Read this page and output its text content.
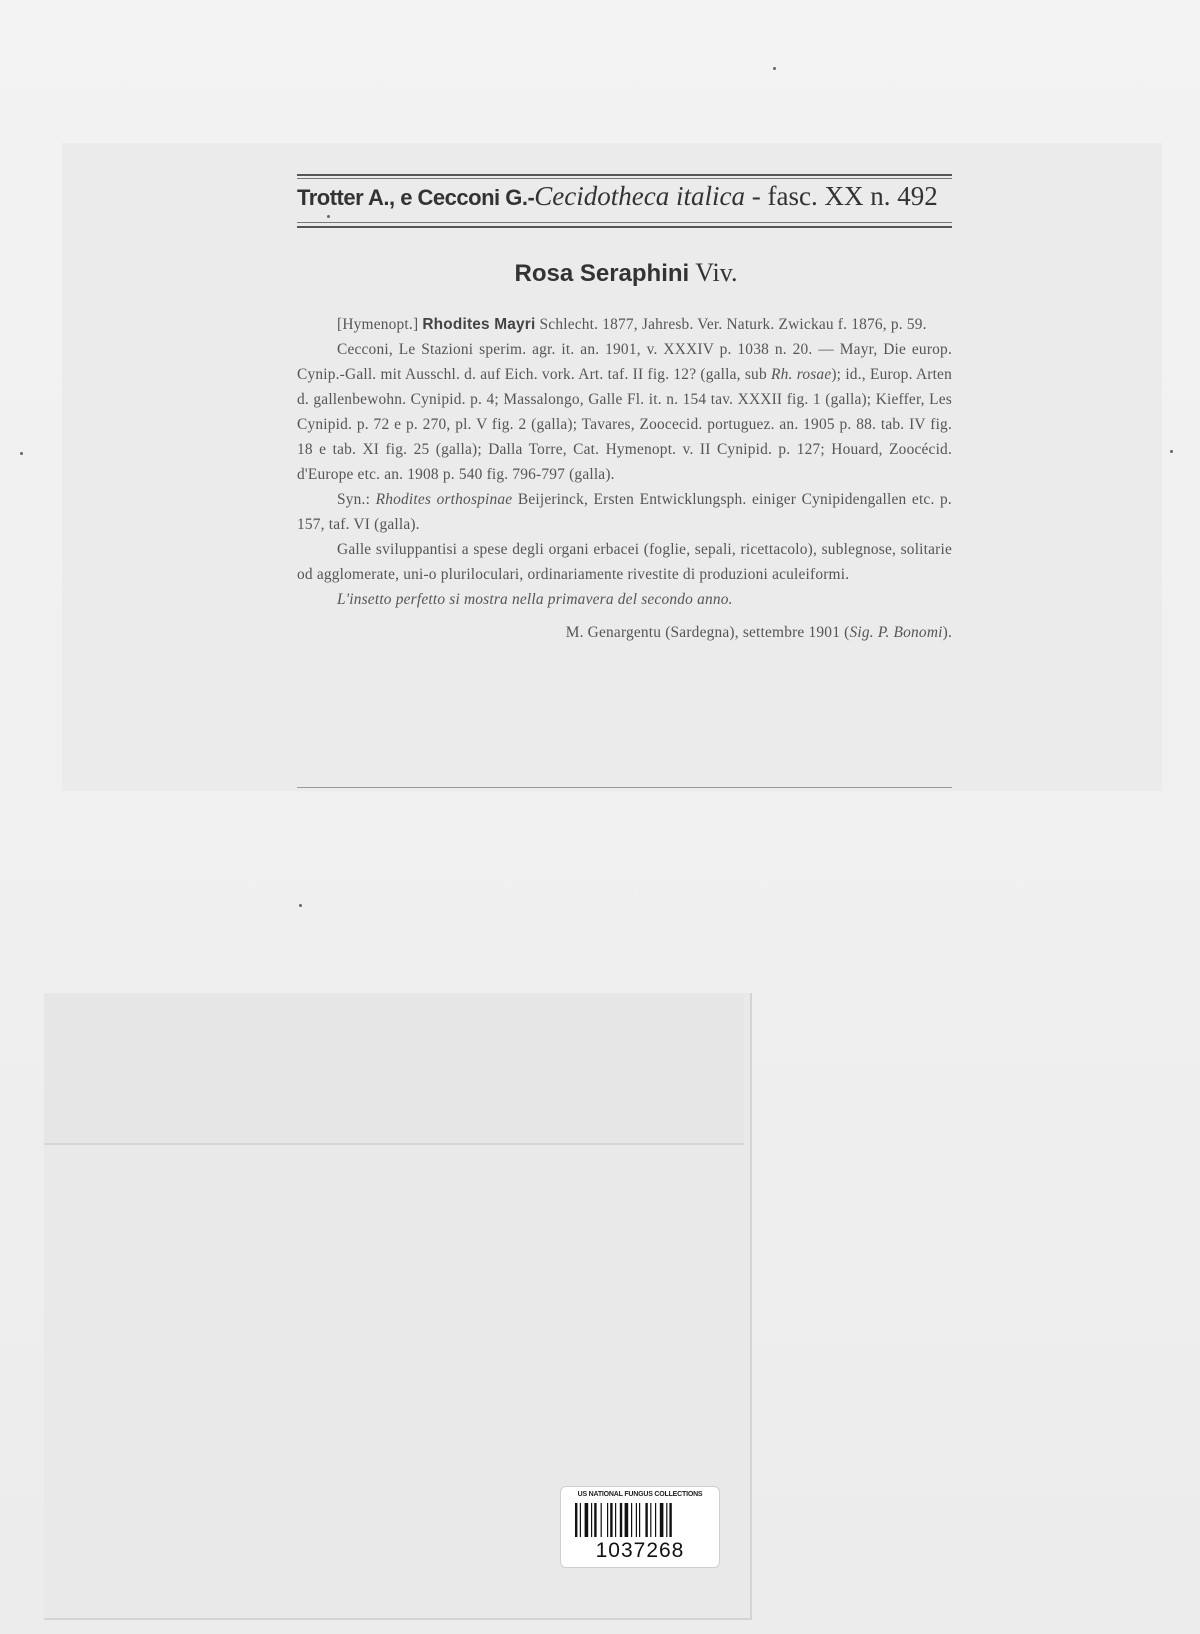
Trotter A., e Cecconi G.-Cecidotheca italica - fasc. XX n. 492
Rosa Seraphini Viv.

[Hymenopt.] Rhodites Mayri Schlecht. 1877, Jahresb. Ver. Naturk. Zwickau f. 1876, p. 59.

Cecconi, Le Stazioni sperim. agr. it. an. 1901, v. XXXIV p. 1038 n. 20. — Mayr, Die europ. Cynip.-Gall. mit Ausschl. d. auf Eich. vork. Art. taf. II fig. 12? (galla, sub Rh. rosae); id., Europ. Arten d. gallenbewohn. Cynipid. p. 4; Massalongo, Galle Fl. it. n. 154 tav. XXXII fig. 1 (galla); Kieffer, Les Cynipid. p. 72 e p. 270, pl. V fig. 2 (galla); Tavares, Zoocecid. portuguez. an. 1905 p. 88. tab. IV fig. 18 e tab. XI fig. 25 (galla); Dalla Torre, Cat. Hymenopt. v. II Cynipid. p. 127; Houard, Zoocécid. d'Europe etc. an. 1908 p. 540 fig. 796-797 (galla).

Syn.: Rhodites orthospinae Beijerinck, Ersten Entwicklungsph. einiger Cynipidengallen etc. p. 157, taf. VI (galla).

Galle sviluppantisi a spese degli organi erbacei (foglie, sepali, ricettacolo), sublegnose, solitarie od agglomerate, uni-o pluriloculari, ordinariamente rivestite di produzioni aculeiformi.

L'insetto perfetto si mostra nella primavera del secondo anno.

M. Genargentu (Sardegna), settembre 1901 (Sig. P. Bonomi).

US NATIONAL FUNGUS COLLECTIONS
1037268
